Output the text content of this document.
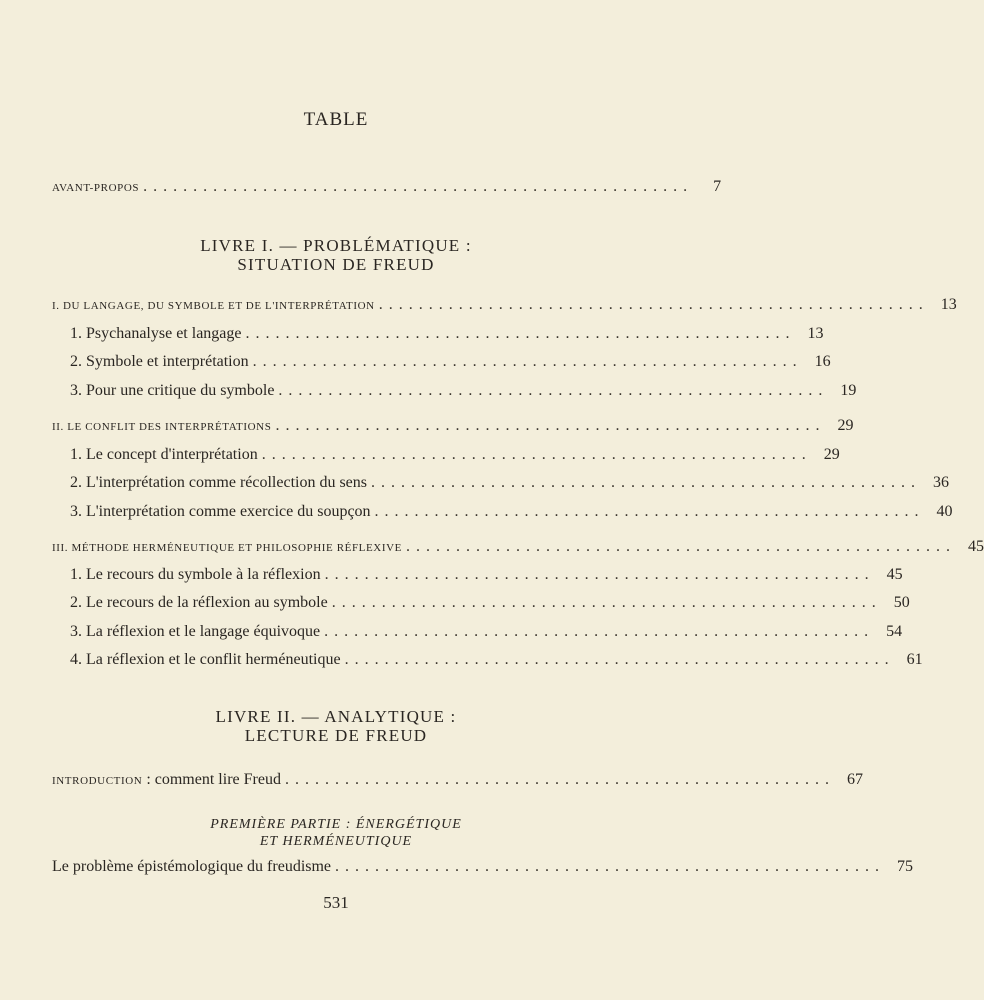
TABLE
AVANT-PROPOS .......................................................	7
LIVRE I. — PROBLÉMATIQUE :
SITUATION DE FREUD
I. DU LANGAGE, DU SYMBOLE ET DE L'INTERPRÉTATION ....................................................... 13
1. Psychanalyse et langage ....................................................... 13
2. Symbole et interprétation ....................................................... 16
3. Pour une critique du symbole ....................................................... 19
II. LE CONFLIT DES INTERPRÉTATIONS ....................................................... 29
1. Le concept d'interprétation ....................................................... 29
2. L'interprétation comme récollection du sens ....................................................... 36
3. L'interprétation comme exercice du soupçon ....................................................... 40
III. MÉTHODE HERMÉNEUTIQUE ET PHILOSOPHIE RÉFLEXIVE ....................................................... 45
1. Le recours du symbole à la réflexion ....................................................... 45
2. Le recours de la réflexion au symbole ....................................................... 50
3. La réflexion et le langage équivoque ....................................................... 54
4. La réflexion et le conflit herméneutique ....................................................... 61
LIVRE II. — ANALYTIQUE :
LECTURE DE FREUD
INTRODUCTION : comment lire Freud ....................................................... 67
PREMIÈRE PARTIE : ÉNERGÉTIQUE
ET HERMÉNEUTIQUE
Le problème épistémologique du freudisme ....................................................... 75
531
